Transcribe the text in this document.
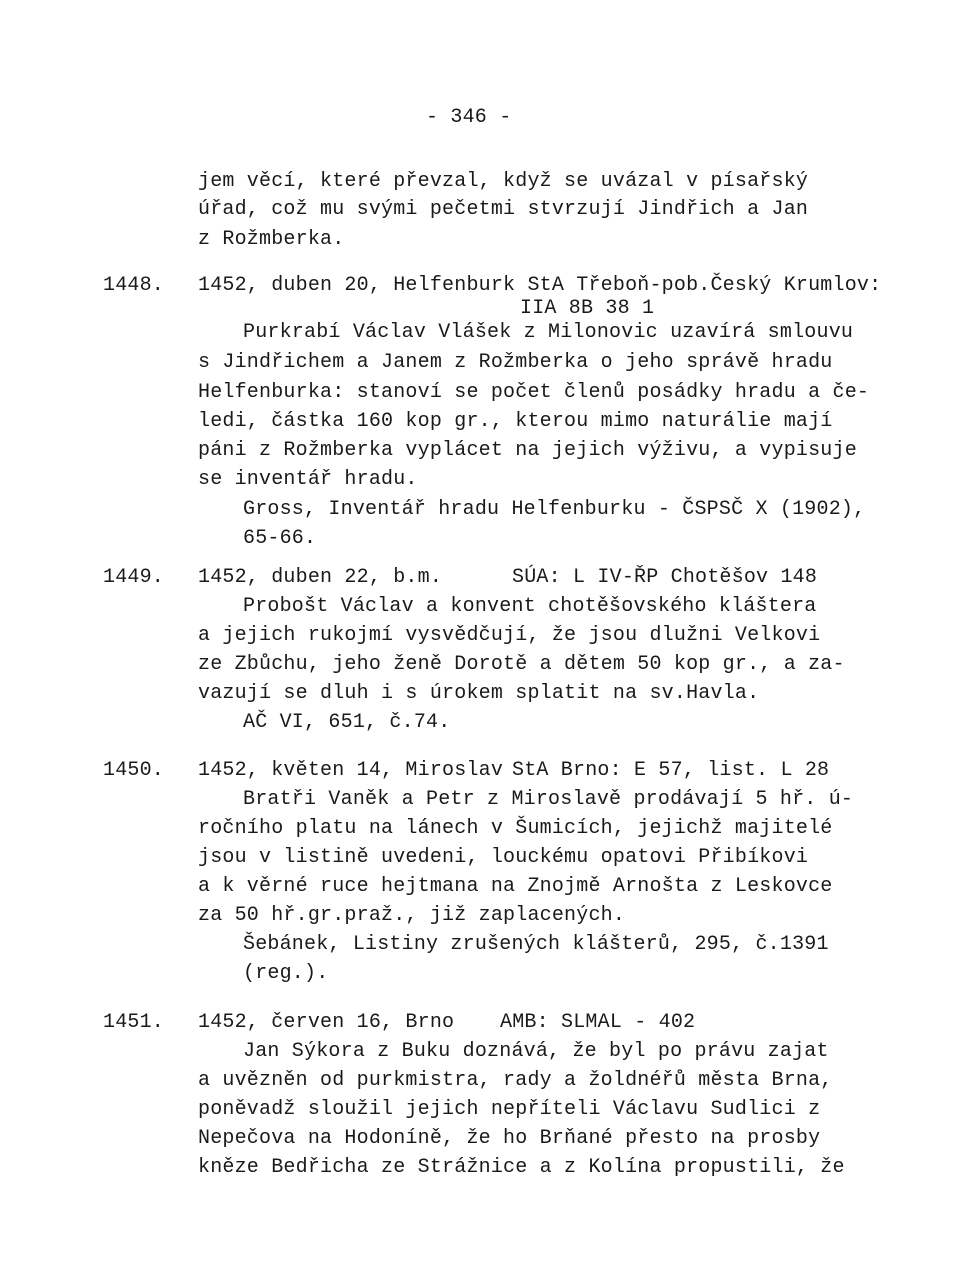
- 346 -
jem věcí, které převzal, když se uvázal v písařský
úřad, což mu svými pečetmi stvrzují Jindřich a Jan
z Rožmberka.
1448. 1452, duben 20, Helfenburk StA Třeboň-pob.Český Krumlov:
IIA 8B 38 1
Purkrabí Václav Vlášek z Milonovic uzavírá smlouvu
s Jindřichem a Janem z Rožmberka o jeho správě hradu
Helfenburka: stanoví se počet členů posádky hradu a če-
ledi, částka 160 kop gr., kterou mimo naturálie mají
páni z Rožmberka vyplácet na jejich výživu, a vypisuje
se inventář hradu.
Gross, Inventář hradu Helfenburku - ČSPSČ X (1902),
65-66.
1449. 1452, duben 22, b.m.	SÚA: L IV-ŘP Chotěšov 148
Probošt Václav a konvent chotěšovského kláštera
a jejich rukojmí vysvědčují, že jsou dlužni Velkovi
ze Zbůchu, jeho ženě Dorotě a dětem 50 kop gr., a za-
vazují se dluh i s úrokem splatit na sv.Havla.
AČ VI, 651, č.74.
1450. 1452, květen 14, Miroslav StA Brno: E 57, list. L 28
Bratři Vaněk a Petr z Miroslavě prodávají 5 hř. ú-
ročního platu na lánech v Šumicích, jejichž majitelé
jsou v listině uvedeni, louckému opatovi Přibíkovi
a k věrné ruce hejtmana na Znojmě Arnošta z Leskovce
za 50 hř.gr.praž., již zaplacených.
Šebánek, Listiny zrušených klášterů, 295, č.1391
(reg.).
1451. 1452, červen 16, Brno AMB: SLMAL - 402
Jan Sýkora z Buku doznává, že byl po právu zajat
a uvězněn od purkmistra, rady a žoldnéřů města Brna,
poněvadž sloužil jejich nepříteli Václavu Sudlici z
Nepečova na Hodoníně, že ho Brňané přesto na prosby
kněze Bedřicha ze Strážnice a z Kolína propustili, že
